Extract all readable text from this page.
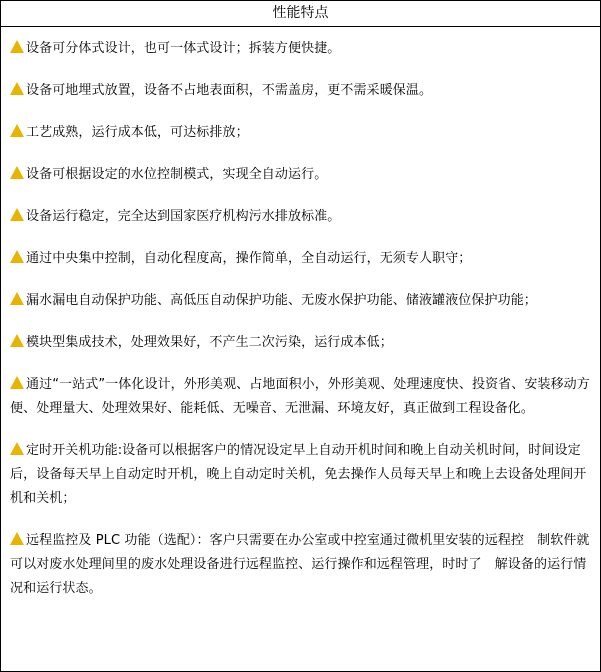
性能特点
设备可分体式设计，也可一体式设计；拆装方便快捷。
设备可地埋式放置，设备不占地表面积，不需盖房，更不需采暖保温。
工艺成熟，运行成本低，可达标排放；
设备可根据设定的水位控制模式，实现全自动运行。
设备运行稳定，完全达到国家医疗机构污水排放标准。
通过中央集中控制，自动化程度高，操作简单，全自动运行，无须专人职守；
漏水漏电自动保护功能、高低压自动保护功能、无废水保护功能、储液罐液位保护功能；
模块型集成技术，处理效果好，不产生二次污染，运行成本低；
通过“一站式”一体化设计，外形美观、占地面积小，外形美观、处理速度快、投资省、安装移动方便、处理量大、处理效果好、能耗低、无噪音、无泄漏、环境友好，真正做到工程设备化。
定时开关机功能:设备可以根据客户的情况设定早上自动开机时间和晚上自动关机时间，时间设定后，设备每天早上自动定时开机，晚上自动定时关机，免去操作人员每天早上和晚上去设备处理间开机和关机；
远程监控及 PLC 功能（选配）：客户只需要在办公室或中控室通过微机里安装的远程控　制软件就可以对废水处理间里的废水处理设备进行远程监控、运行操作和远程管理，时时了　解设备的运行情况和运行状态。
